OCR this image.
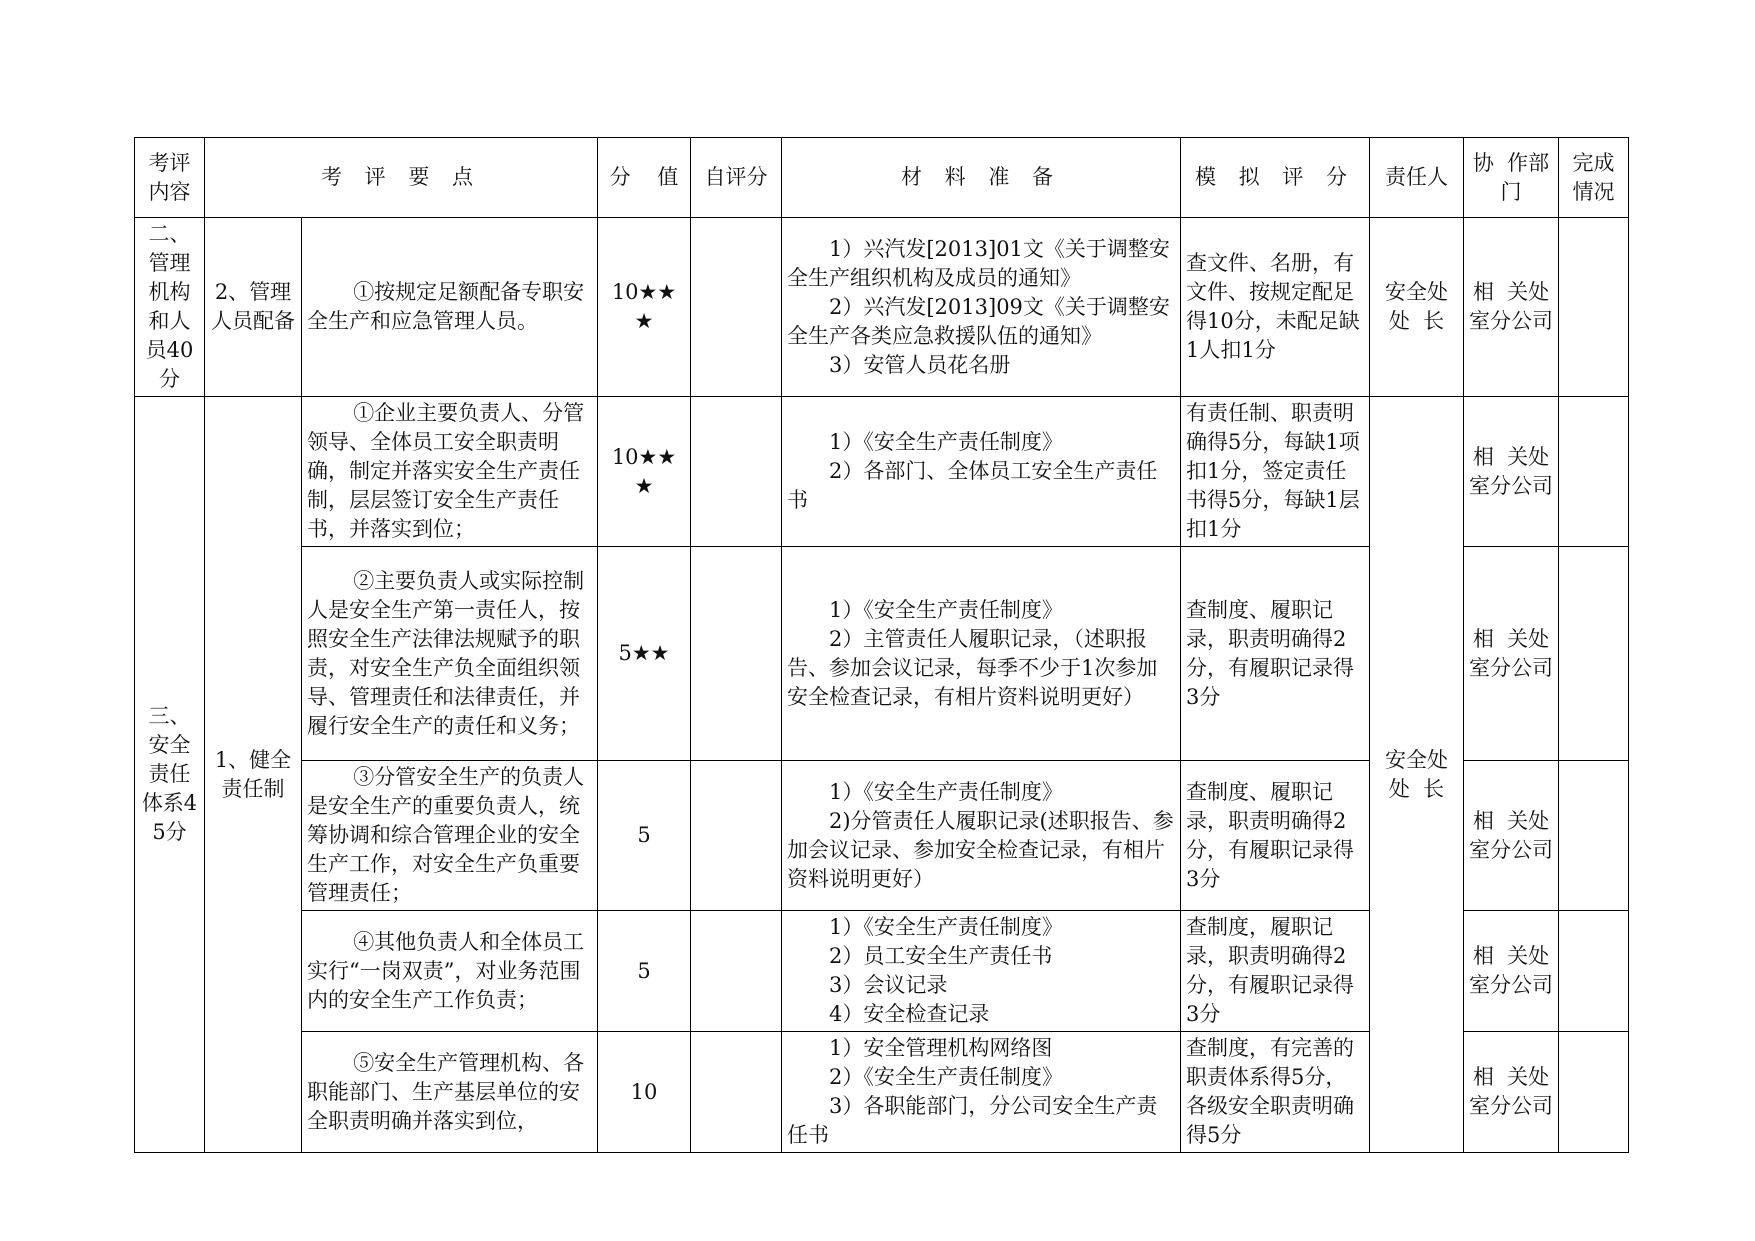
考评内容	考 评 要 点		分    值	自评分	材 料 准 备	模 拟 评 分	责任人	协  作部  门	完成情况
二、管理机构和人员40分	2、管理人员配备	①按规定足额配备专职安全生产和应急管理人员。	10★★★		1）兴汽发[2013]01文《关于调整安全生产组织机构及成员的通知》
2）兴汽发[2013]09文《关于调整安全生产各类应急救援队伍的通知》
3）安管人员花名册	查文件、名册，有文件、按规定配足得10分，未配足缺1人扣1分	安全处处  长	相  关处  室分公司	
三、安全责任体系45分	1、健全责任制	①企业主要负责人、分管领导、全体员工安全职责明确，制定并落实安全生产责任制，层层签订安全生产责任书，并落实到位；	10★★★		1）《安全生产责任制度》
2）各部门、全体员工安全生产责任书	有责任制、职责明确得5分，每缺1项扣1分，签定责任书得5分，每缺1层扣1分	安全处处  长	相  关处  室分公司	
		②主要负责人或实际控制人是安全生产第一责任人，按照安全生产法律法规赋予的职责，对安全生产负全面组织领导、管理责任和法律责任，并履行安全生产的责任和义务；	5★★		1）《安全生产责任制度》
2）主管责任人履职记录，（述职报告、参加会议记录，每季不少于1次参加安全检查记录，有相片资料说明更好）	查制度、履职记录，职责明确得2分，有履职记录得3分		相  关处  室分公司	
		③分管安全生产的负责人是安全生产的重要负责人，统筹协调和综合管理企业的安全生产工作，对安全生产负重要管理责任；	5		1）《安全生产责任制度》
2)分管责任人履职记录(述职报告、参加会议记录、参加安全检查记录，有相片资料说明更好）	查制度、履职记录，职责明确得2分，有履职记录得3分		相  关处  室分公司	
		④其他负责人和全体员工实行“一岗双责”，对业务范围内的安全生产工作负责；	5		1）《安全生产责任制度》
2）员工安全生产责任书
3）会议记录
4）安全检查记录	查制度，履职记录，职责明确得2分，有履职记录得3分		相  关处  室分公司	
		⑤安全生产管理机构、各职能部门、生产基层单位的安全职责明确并落实到位，	10		1）安全管理机构网络图
2）《安全生产责任制度》
3）各职能部门，分公司安全生产责任书	查制度，有完善的职责体系得5分，各级安全职责明确得5分		相  关处  室分公司	
